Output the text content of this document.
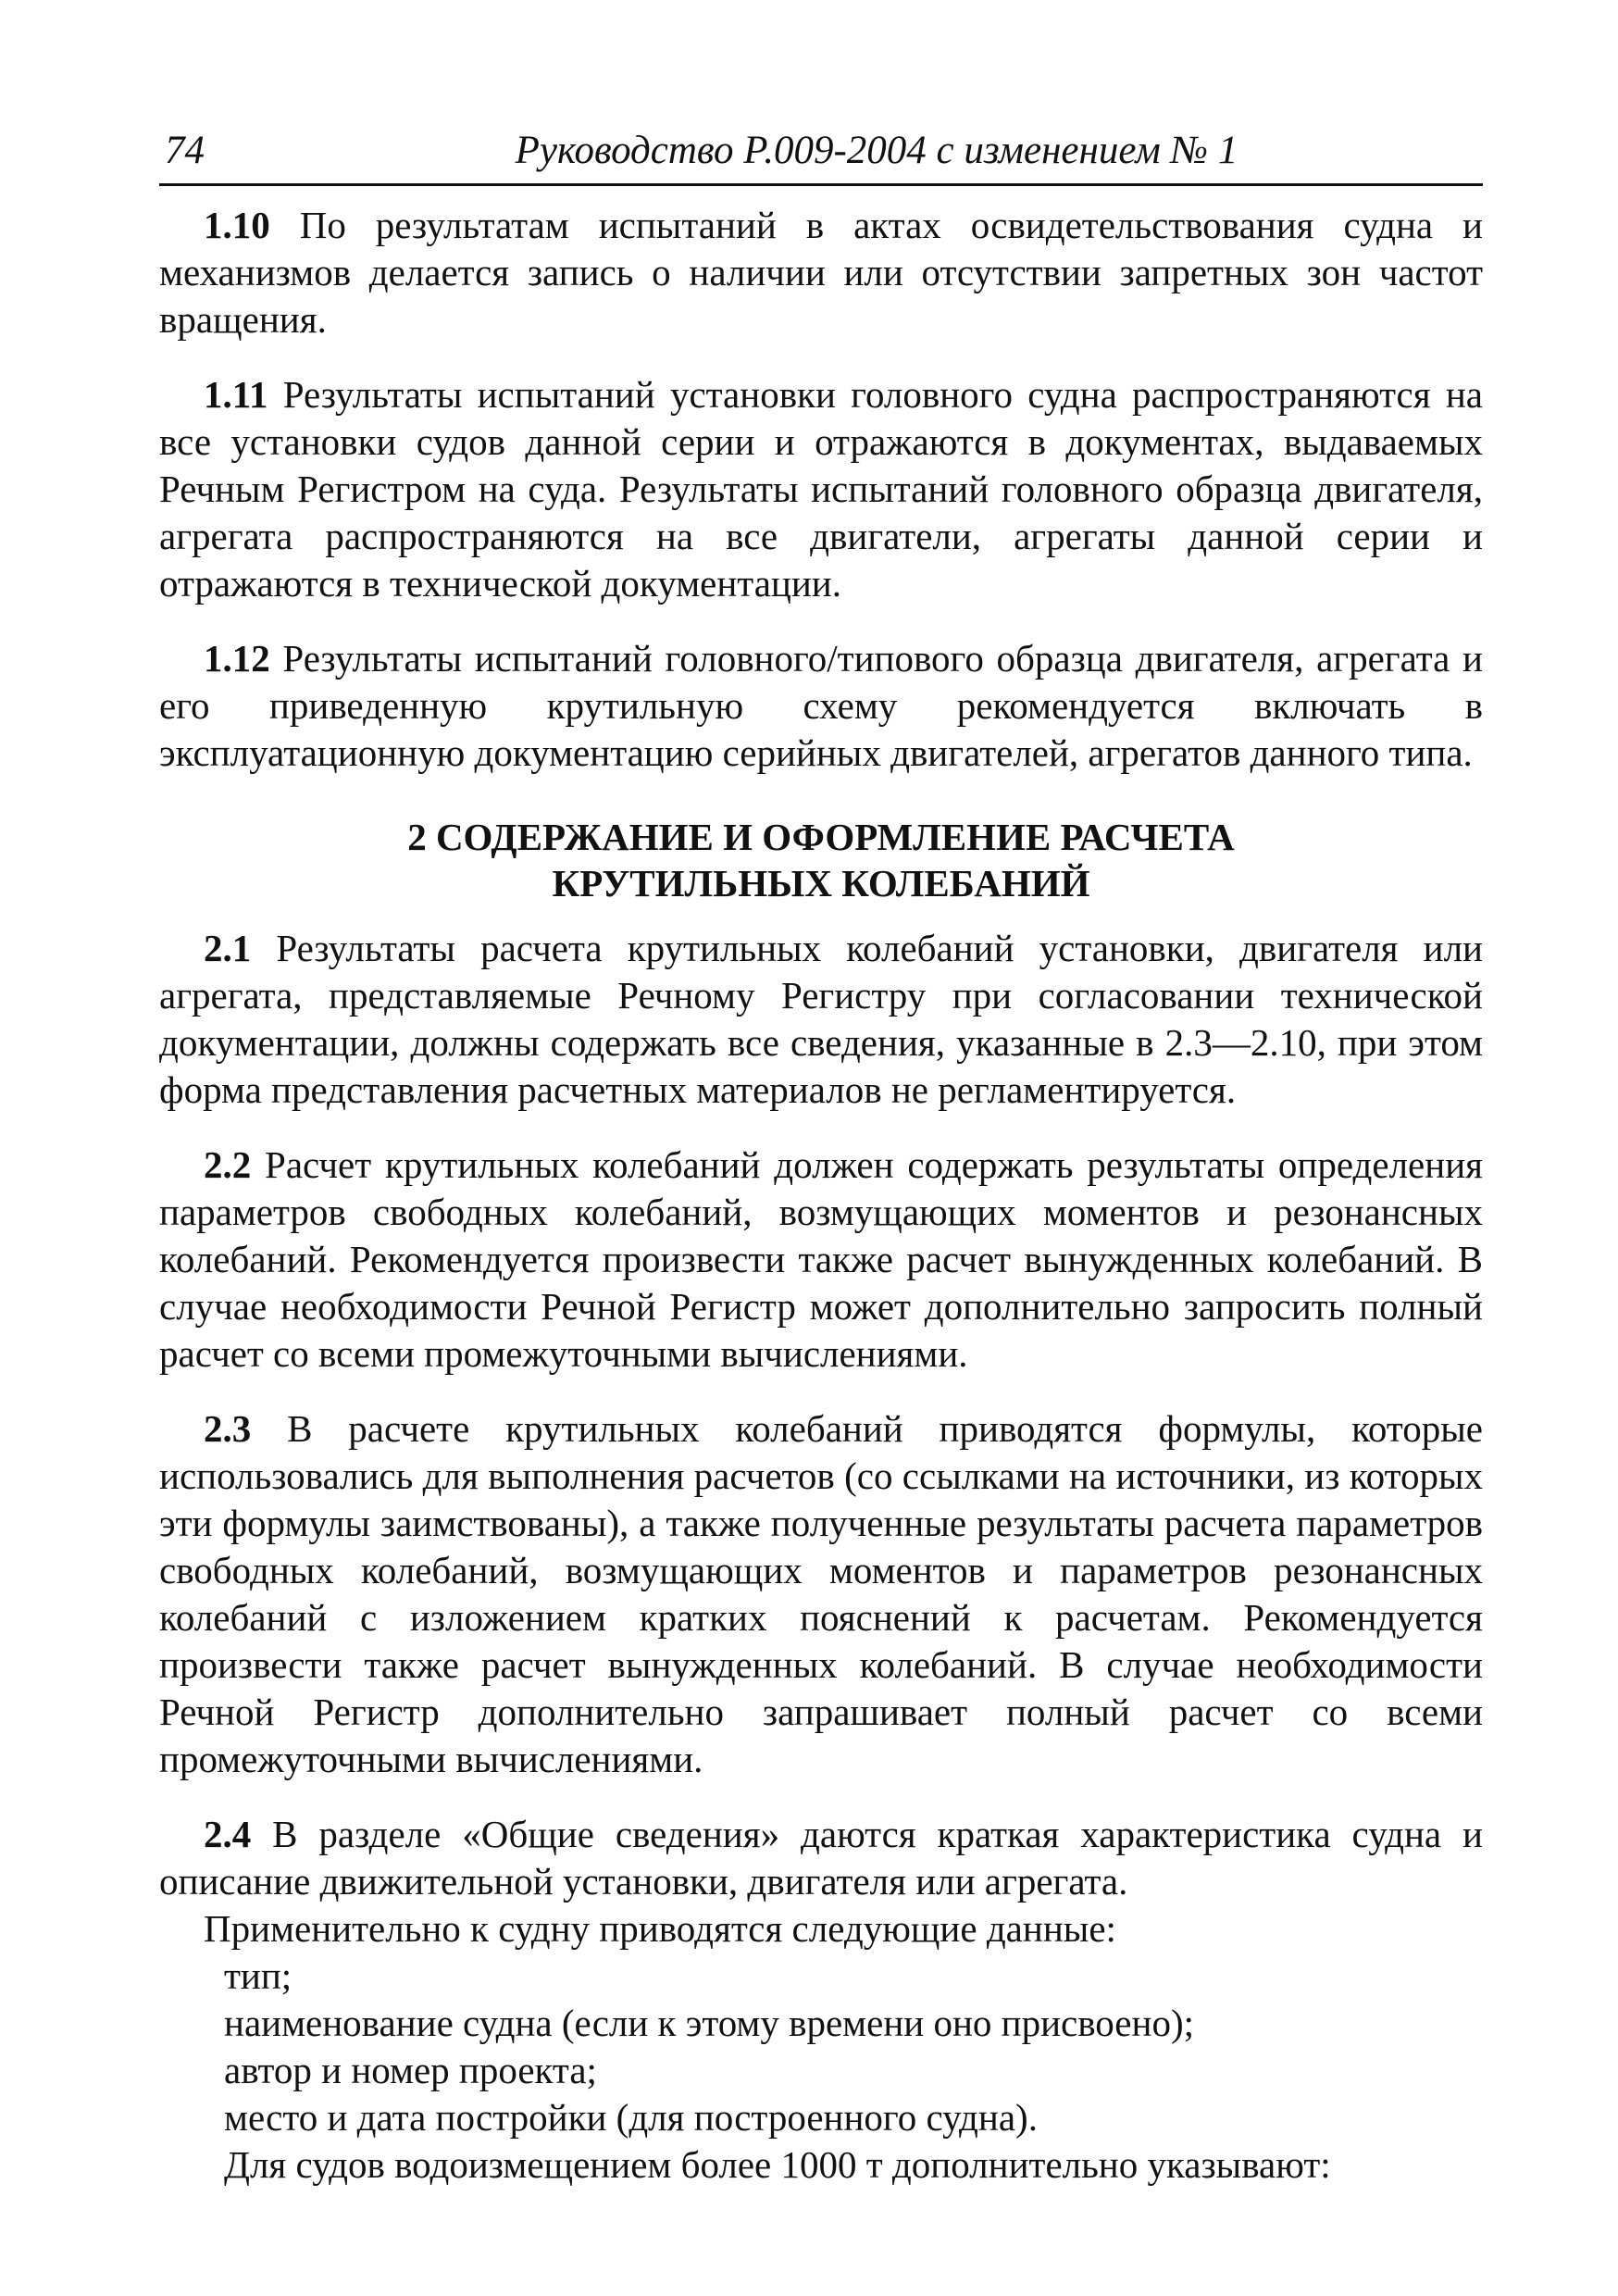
74	Руководство Р.009-2004 с изменением № 1

1.10 По результатам испытаний в актах освидетельствования судна и механизмов делается запись о наличии или отсутствии запретных зон частот вращения.

1.11 Результаты испытаний установки головного судна распространяются на все установки судов данной серии и отражаются в документах, выдаваемых Речным Регистром на суда. Результаты испытаний головного образца двигателя, агрегата распространяются на все двигатели, агрегаты данной серии и отражаются в технической документации.

1.12 Результаты испытаний головного/типового образца двигателя, агрегата и его приведенную крутильную схему рекомендуется включать в эксплуатационную документацию серийных двигателей, агрегатов данного типа.

2 СОДЕРЖАНИЕ И ОФОРМЛЕНИЕ РАСЧЕТА
КРУТИЛЬНЫХ КОЛЕБАНИЙ

2.1 Результаты расчета крутильных колебаний установки, двигателя или агрегата, представляемые Речному Регистру при согласовании технической документации, должны содержать все сведения, указанные в 2.3—2.10, при этом форма представления расчетных материалов не регламентируется.

2.2 Расчет крутильных колебаний должен содержать результаты определения параметров свободных колебаний, возмущающих моментов и резонансных колебаний. Рекомендуется произвести также расчет вынужденных колебаний. В случае необходимости Речной Регистр может дополнительно запросить полный расчет со всеми промежуточными вычислениями.

2.3 В расчете крутильных колебаний приводятся формулы, которые использовались для выполнения расчетов (со ссылками на источники, из которых эти формулы заимствованы), а также полученные результаты расчета параметров свободных колебаний, возмущающих моментов и параметров резонансных колебаний с изложением кратких пояснений к расчетам. Рекомендуется произвести также расчет вынужденных колебаний. В случае необходимости Речной Регистр дополнительно запрашивает полный расчет со всеми промежуточными вычислениями.

2.4 В разделе «Общие сведения» даются краткая характеристика судна и описание движительной установки, двигателя или агрегата.

Применительно к судну приводятся следующие данные:

тип;

наименование судна (если к этому времени оно присвоено);

автор и номер проекта;

место и дата постройки (для построенного судна).

Для судов водоизмещением более 1000 т дополнительно указывают:
